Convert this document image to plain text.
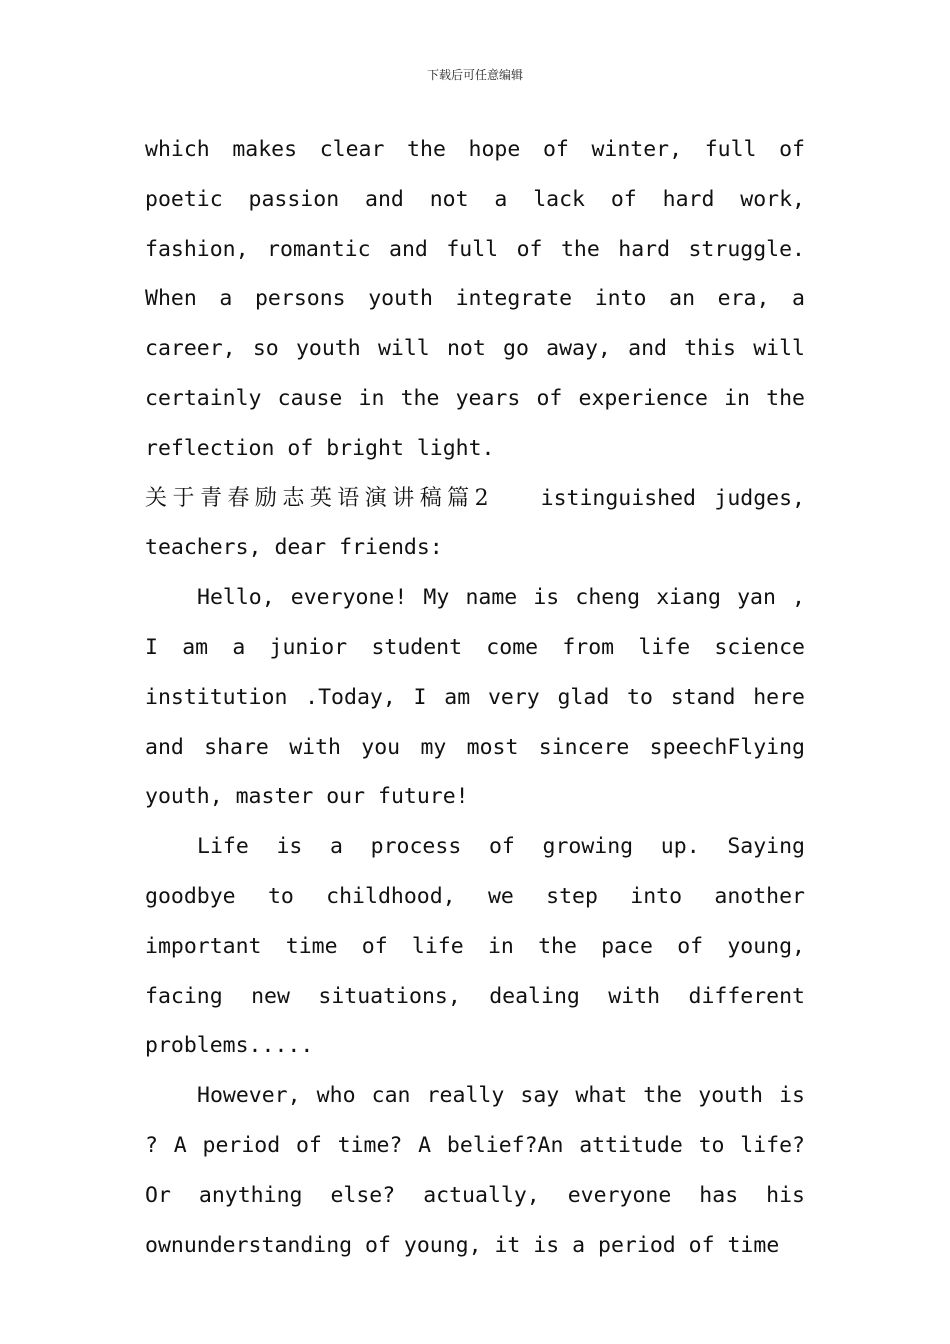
下载后可任意编辑

which makes clear the hope of winter, full of poetic passion and not a lack of hard work, fashion, romantic and full of the hard struggle. When a persons youth integrate into an era, a career, so youth will not go away, and this will certainly cause in the years of experience in the reflection of bright light.

关于青春励志英语演讲稿篇2 istinguished judges, teachers, dear friends:

Hello, everyone! My name is cheng xiang yan , I am a junior student come from life science institution .Today, I am very glad to stand here and share with you my most sincere speechFlying youth, master our future!

Life is a process of growing up. Saying goodbye to childhood, we step into another important time of life in the pace of young, facing new situations, dealing with different problems.....

However, who can really say what the youth is ? A period of time? A belief?An attitude to life? Or anything else? actually, everyone has his ownunderstanding of young, it is a period of time
